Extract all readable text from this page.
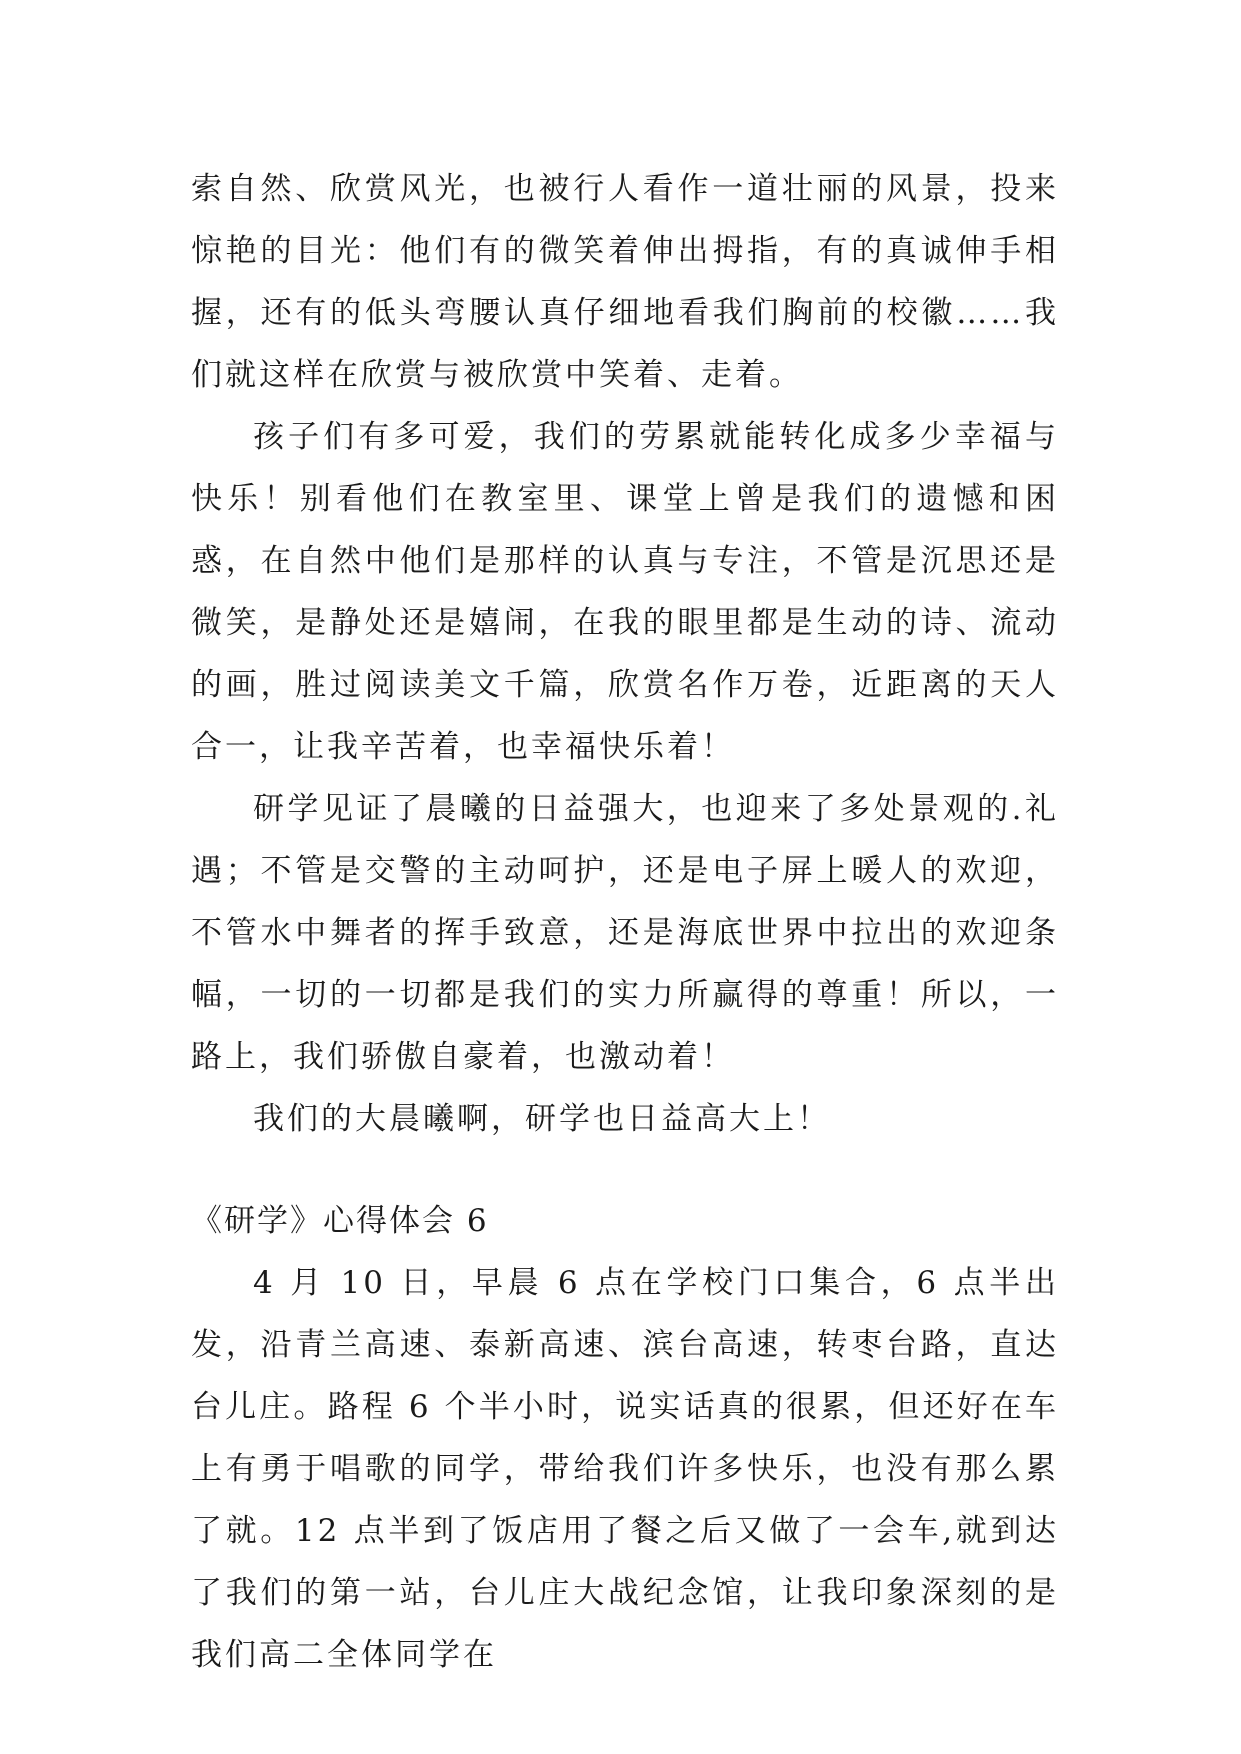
索自然、欣赏风光，也被行人看作一道壮丽的风景，投来惊艳的目光：他们有的微笑着伸出拇指，有的真诚伸手相握，还有的低头弯腰认真仔细地看我们胸前的校徽……我们就这样在欣赏与被欣赏中笑着、走着。

孩子们有多可爱，我们的劳累就能转化成多少幸福与快乐！别看他们在教室里、课堂上曾是我们的遗憾和困惑，在自然中他们是那样的认真与专注，不管是沉思还是微笑，是静处还是嬉闹，在我的眼里都是生动的诗、流动的画，胜过阅读美文千篇，欣赏名作万卷，近距离的天人合一，让我辛苦着，也幸福快乐着！

研学见证了晨曦的日益强大，也迎来了多处景观的.礼遇；不管是交警的主动呵护，还是电子屏上暖人的欢迎，不管水中舞者的挥手致意，还是海底世界中拉出的欢迎条幅，一切的一切都是我们的实力所赢得的尊重！所以，一路上，我们骄傲自豪着，也激动着！

我们的大晨曦啊，研学也日益高大上！

《研学》心得体会 6

4 月 10 日，早晨 6 点在学校门口集合，6 点半出发，沿青兰高速、泰新高速、滨台高速，转枣台路，直达台儿庄。路程 6 个半小时，说实话真的很累，但还好在车上有勇于唱歌的同学，带给我们许多快乐，也没有那么累了就。12 点半到了饭店用了餐之后又做了一会车,就到达了我们的第一站，台儿庄大战纪念馆，让我印象深刻的是我们高二全体同学在
